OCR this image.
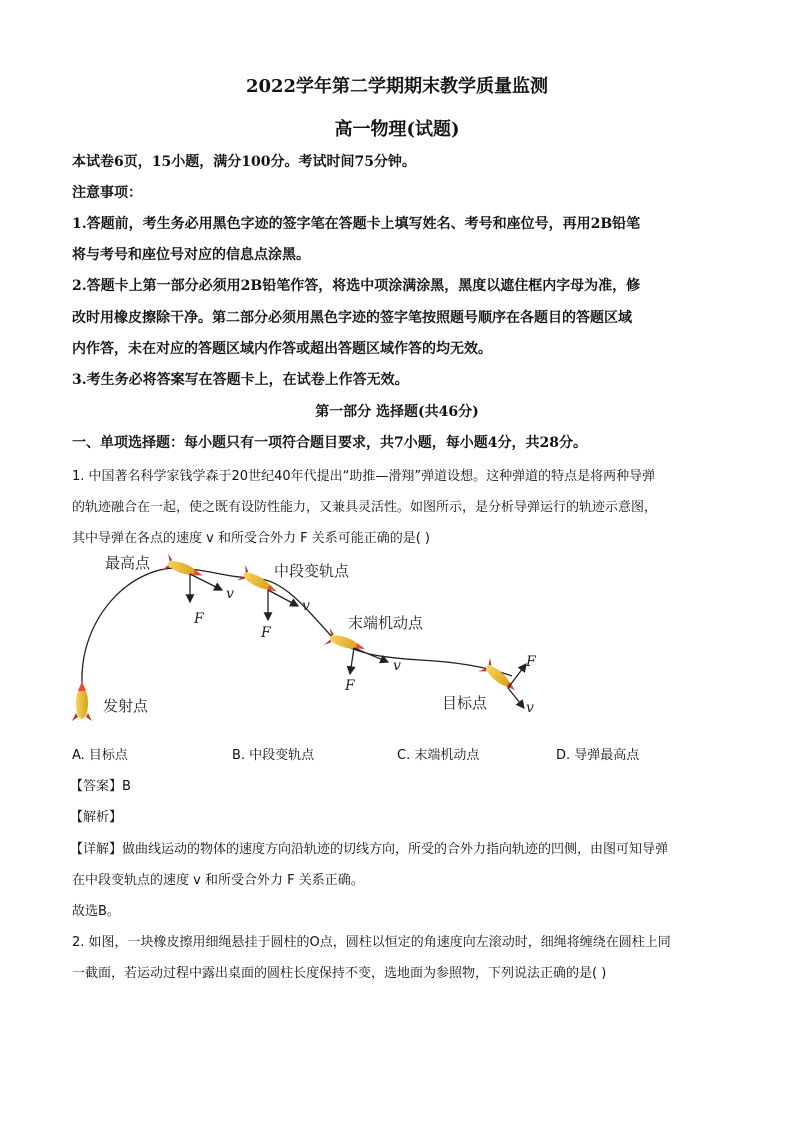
2022学年第二学期期末教学质量监测
高一物理(试题)
本试卷6页，15小题，满分100分。考试时间75分钟。
注意事项：
1.答题前，考生务必用黑色字迹的签字笔在答题卡上填写姓名、考号和座位号，再用2B铅笔
将与考号和座位号对应的信息点涂黑。
2.答题卡上第一部分必须用2B铅笔作答，将选中项涂满涂黑，黑度以遮住框内字母为准，修
改时用橡皮擦除干净。第二部分必须用黑色字迹的签字笔按照题号顺序在各题目的答题区域
内作答，未在对应的答题区域内作答或超出答题区域作答的均无效。
3.考生务必将答案写在答题卡上，在试卷上作答无效。
第一部分 选择题(共46分)
一、单项选择题：每小题只有一项符合题目要求，共7小题，每小题4分，共28分。
1. 中国著名科学家钱学森于20世纪40年代提出“助推—滑翔”弹道设想。这种弹道的特点是将两种导弹
的轨迹融合在一起，使之既有设防性能力，又兼具灵活性。如图所示，是分析导弹运行的轨迹示意图，
其中导弹在各点的速度 v 和所受合外力 F 关系可能正确的是( )
最高点	中段变轨点
末端机动点
发射点	目标点
v
v
v
v
F
F
F
F
A. 目标点	B. 中段变轨点	C. 末端机动点	D. 导弹最高点
【答案】B
【解析】
【详解】做曲线运动的物体的速度方向沿轨迹的切线方向，所受的合外力指向轨迹的凹侧，由图可知导弹
在中段变轨点的速度 v 和所受合外力 F 关系正确。
故选B。
2. 如图，一块橡皮擦用细绳悬挂于圆柱的O点，圆柱以恒定的角速度向左滚动时，细绳将缠绕在圆柱上同
一截面，若运动过程中露出桌面的圆柱长度保持不变，选地面为参照物，下列说法正确的是( )
